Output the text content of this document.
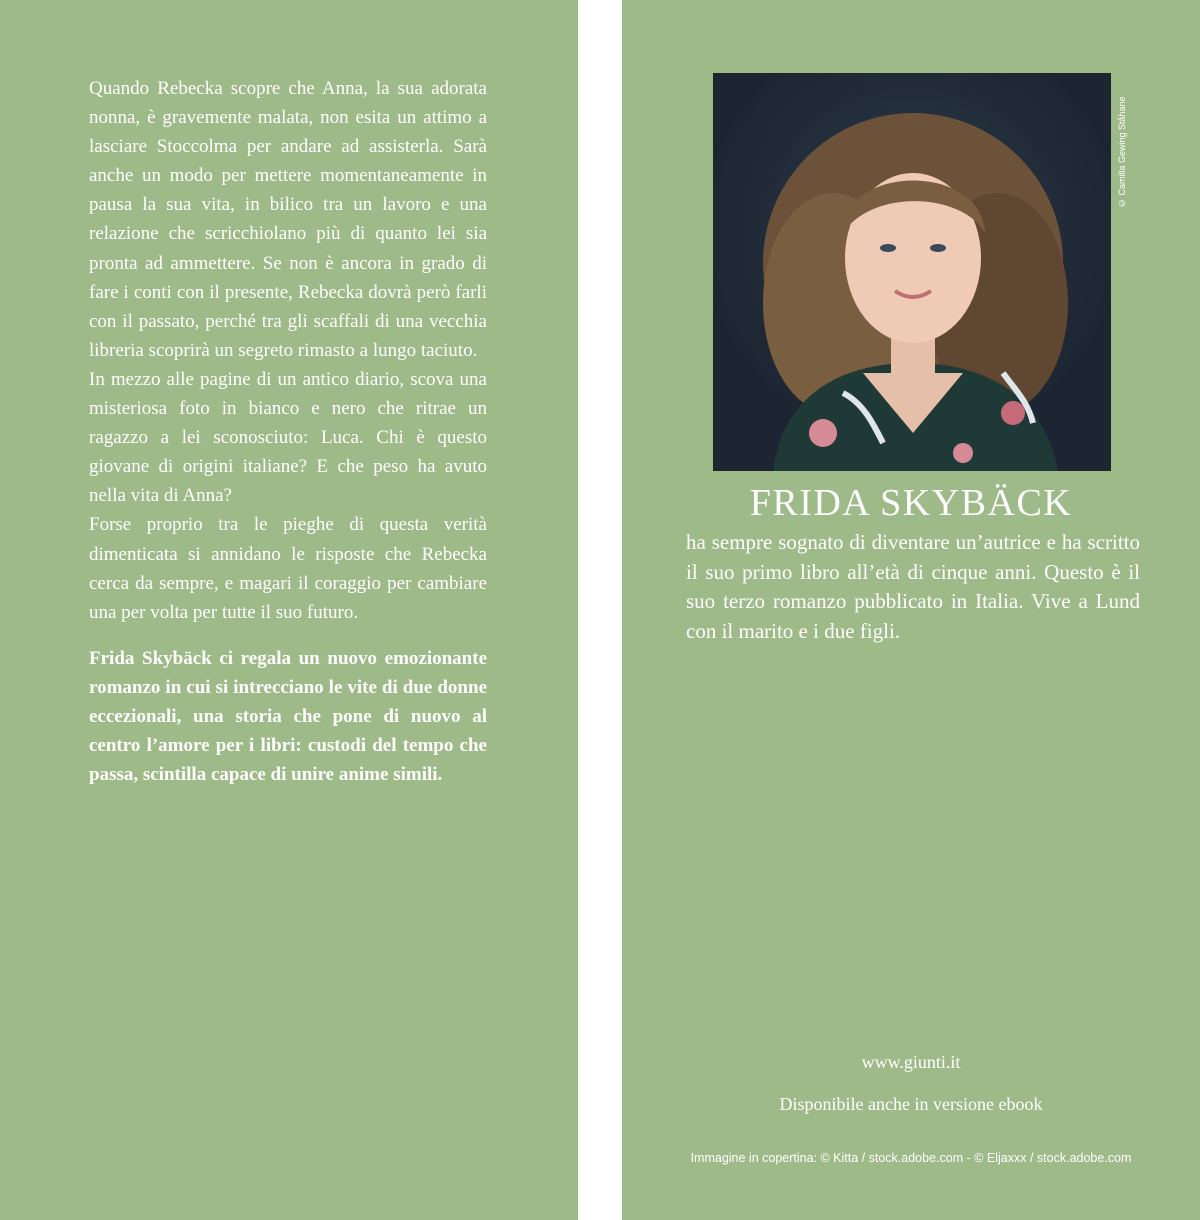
Quando Rebecka scopre che Anna, la sua adorata nonna, è gravemente malata, non esita un attimo a lasciare Stoccolma per andare ad assisterla. Sarà anche un modo per mettere momentaneamente in pausa la sua vita, in bilico tra un lavoro e una relazione che scricchiolano più di quanto lei sia pronta ad ammettere. Se non è ancora in grado di fare i conti con il presente, Rebecka dovrà però farli con il passato, perché tra gli scaffali di una vecchia libreria scoprirà un segreto rimasto a lungo taciuto.

In mezzo alle pagine di un antico diario, scova una misteriosa foto in bianco e nero che ritrae un ragazzo a lei sconosciuto: Luca. Chi è questo giovane di origini italiane? E che peso ha avuto nella vita di Anna?

Forse proprio tra le pieghe di questa verità dimenticata si annidano le risposte che Rebecka cerca da sempre, e magari il coraggio per cambiare una per volta per tutte il suo futuro.

Frida Skybäck ci regala un nuovo emozionante romanzo in cui si intrecciano le vite di due donne eccezionali, una storia che pone di nuovo al centro l’amore per i libri: custodi del tempo che passa, scintilla capace di unire anime simili.

© Camilla Gewing Ståhane
FRIDA SKYBÄCK

ha sempre sognato di diventare un’autrice e ha scritto il suo primo libro all’età di cinque anni. Questo è il suo terzo romanzo pubblicato in Italia. Vive a Lund con il marito e i due figli.

www.giunti.it
Disponibile anche in versione ebook
Immagine in copertina: © Kitta / stock.adobe.com - © Eljaxxx / stock.adobe.com
